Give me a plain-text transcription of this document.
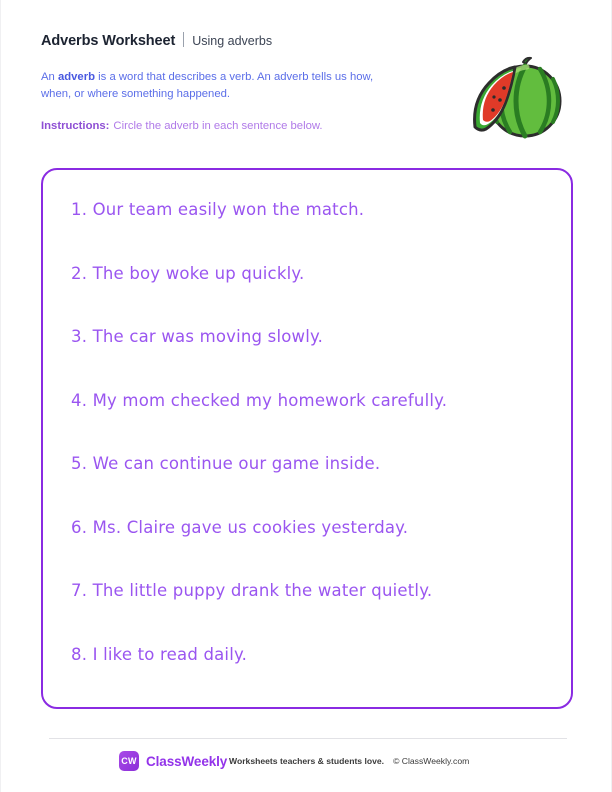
Adverbs Worksheet Using adverbs
An adverb is a word that describes a verb. An adverb tells us how, when, or where something happened.
Instructions: Circle the adverb in each sentence below.
1. Our team easily won the match.
2. The boy woke up quickly.
3. The car was moving slowly.
4. My mom checked my homework carefully.
5. We can continue our game inside.
6. Ms. Claire gave us cookies yesterday.
7. The little puppy drank the water quietly.
8. I like to read daily.
CW ClassWeekly Worksheets teachers & students love. © ClassWeekly.com
